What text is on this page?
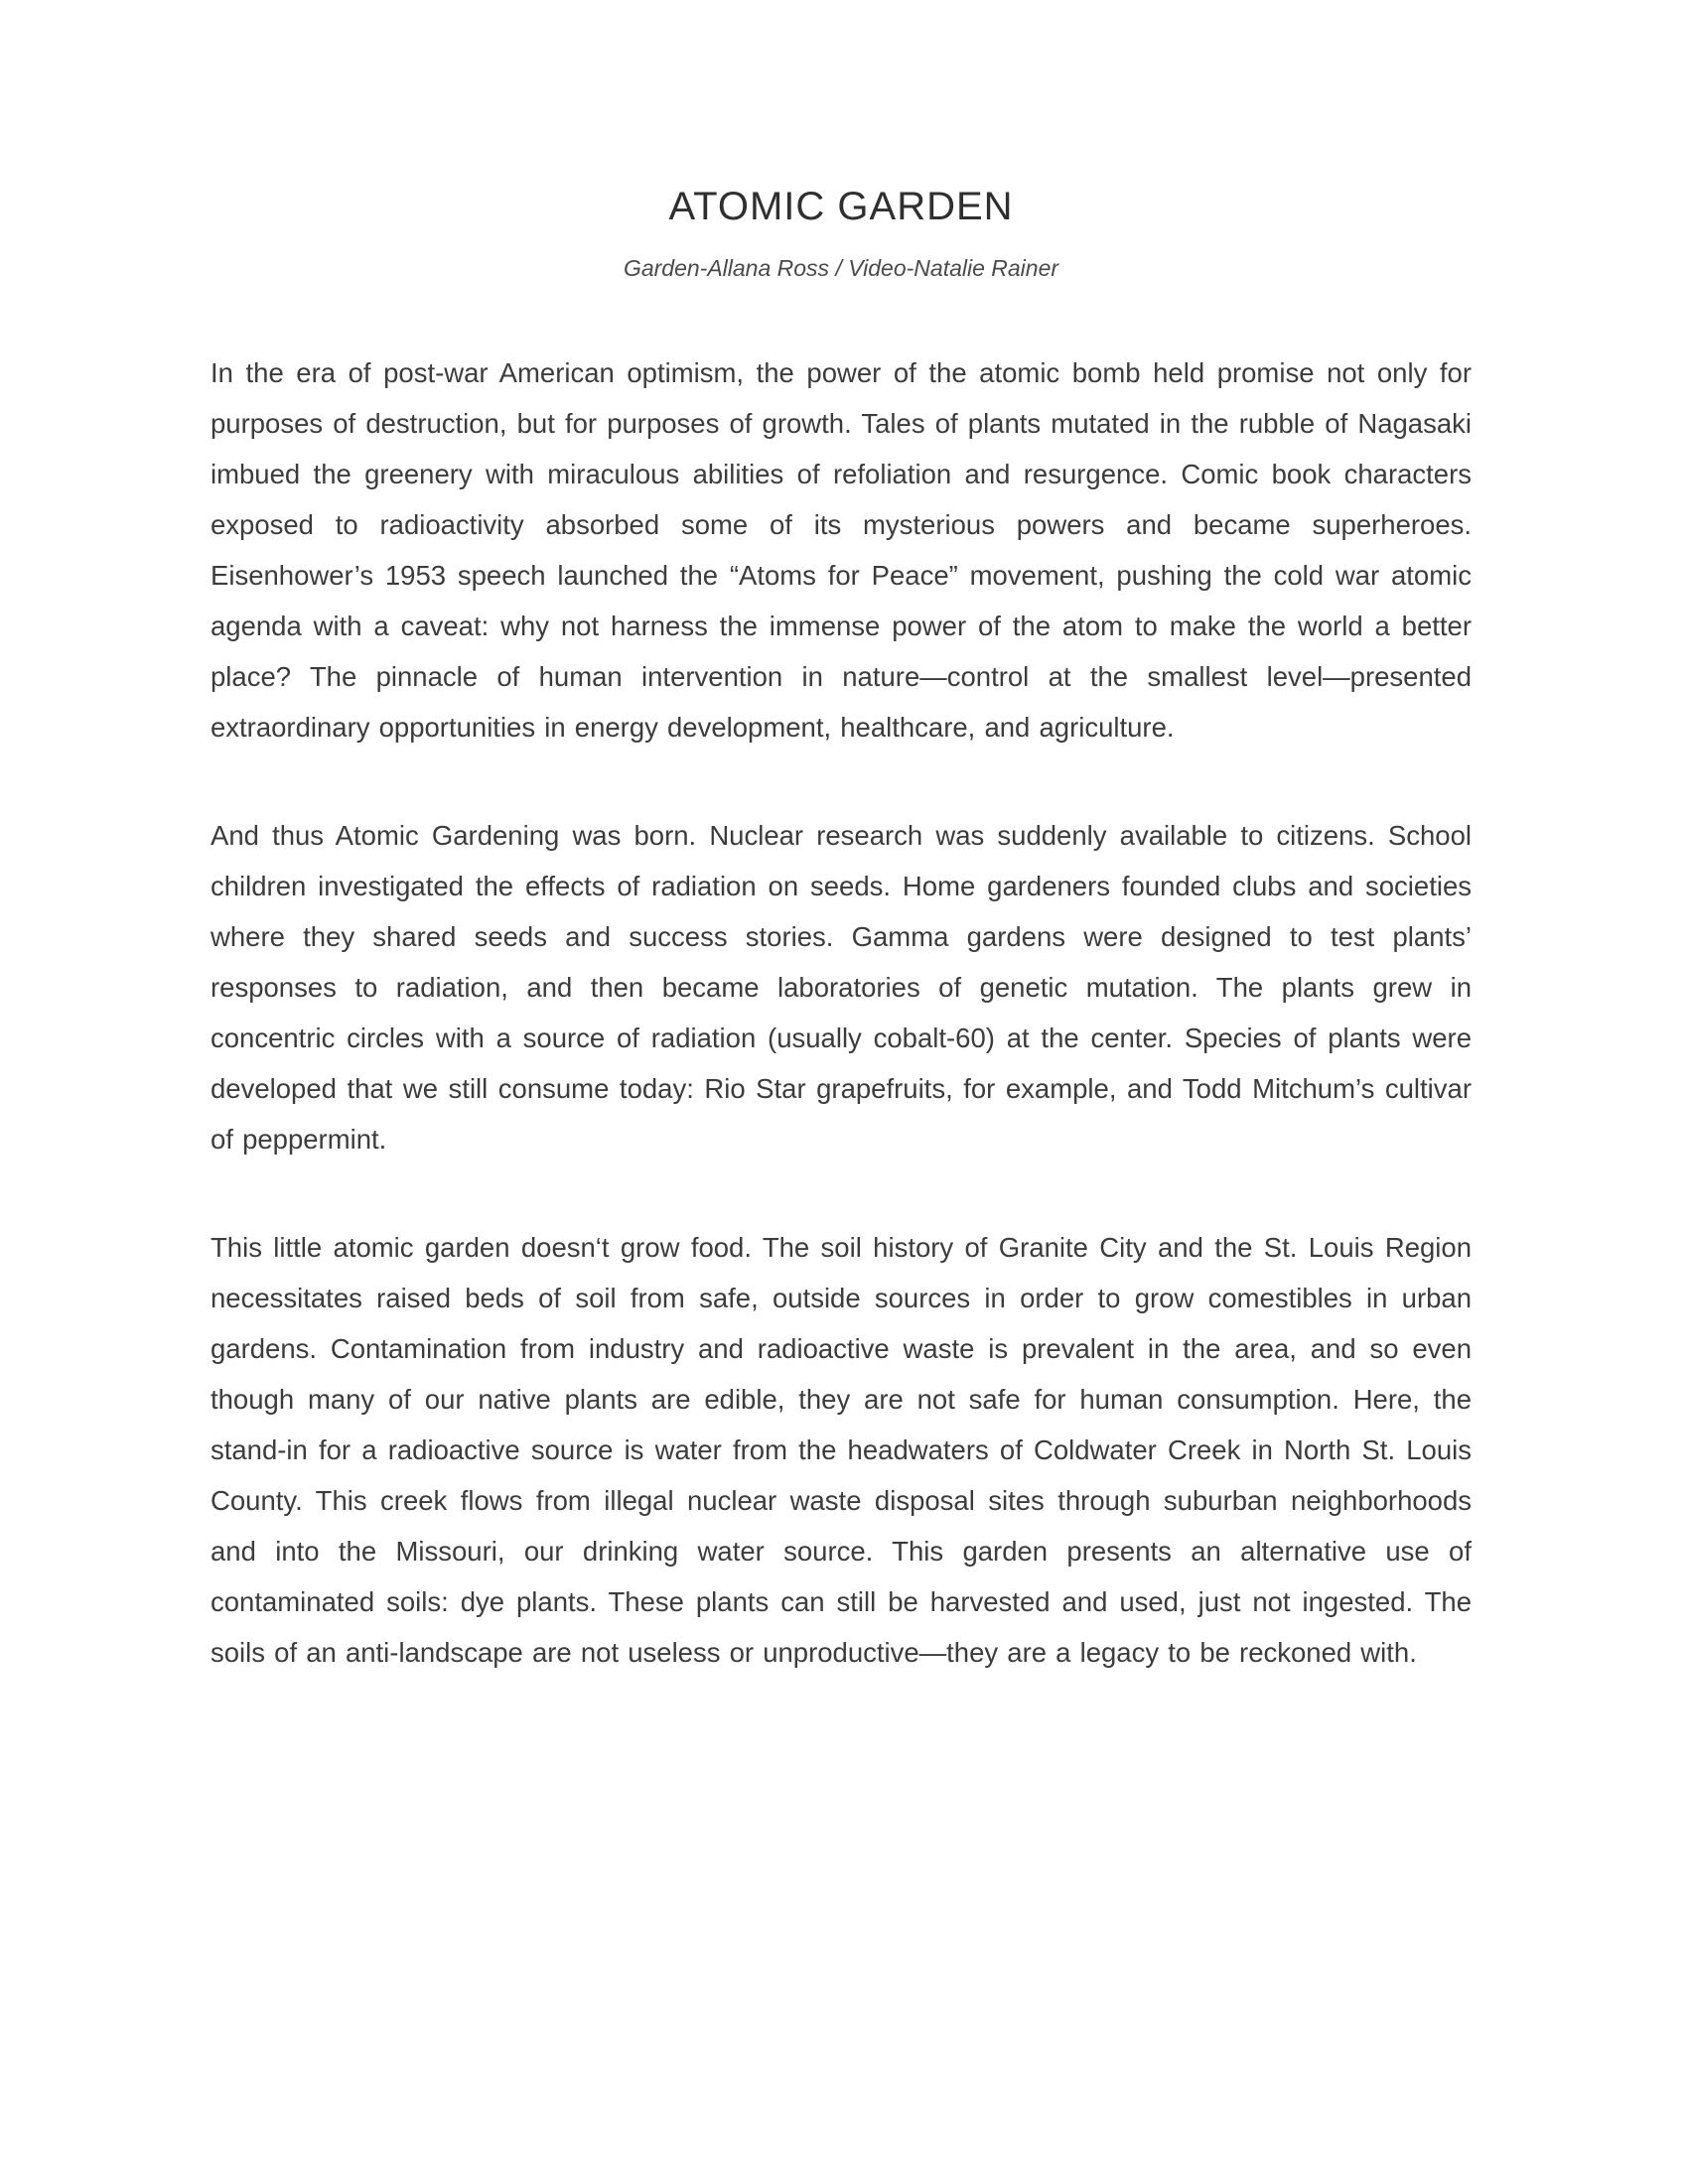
ATOMIC GARDEN
Garden-Allana Ross / Video-Natalie Rainer

In the era of post-war American optimism, the power of the atomic bomb held promise not only for purposes of destruction, but for purposes of growth. Tales of plants mutated in the rubble of Nagasaki imbued the greenery with miraculous abilities of refoliation and resurgence. Comic book characters exposed to radioactivity absorbed some of its mysterious powers and became superheroes. Eisenhower’s 1953 speech launched the “Atoms for Peace” movement, pushing the cold war atomic agenda with a caveat: why not harness the immense power of the atom to make the world a better place? The pinnacle of human intervention in nature—control at the smallest level—presented extraordinary opportunities in energy development, healthcare, and agriculture.

And thus Atomic Gardening was born. Nuclear research was suddenly available to citizens. School children investigated the effects of radiation on seeds. Home gardeners founded clubs and societies where they shared seeds and success stories. Gamma gardens were designed to test plants’ responses to radiation, and then became laboratories of genetic mutation. The plants grew in concentric circles with a source of radiation (usually cobalt-60) at the center. Species of plants were developed that we still consume today: Rio Star grapefruits, for example, and Todd Mitchum’s cultivar of peppermint.

This little atomic garden doesn‘t grow food. The soil history of Granite City and the St. Louis Region necessitates raised beds of soil from safe, outside sources in order to grow comestibles in urban gardens. Contamination from industry and radioactive waste is prevalent in the area, and so even though many of our native plants are edible, they are not safe for human consumption. Here, the stand-in for a radioactive source is water from the headwaters of Coldwater Creek in North St. Louis County. This creek flows from illegal nuclear waste disposal sites through suburban neighborhoods and into the Missouri, our drinking water source. This garden presents an alternative use of contaminated soils: dye plants. These plants can still be harvested and used, just not ingested. The soils of an anti-landscape are not useless or unproductive—they are a legacy to be reckoned with.
